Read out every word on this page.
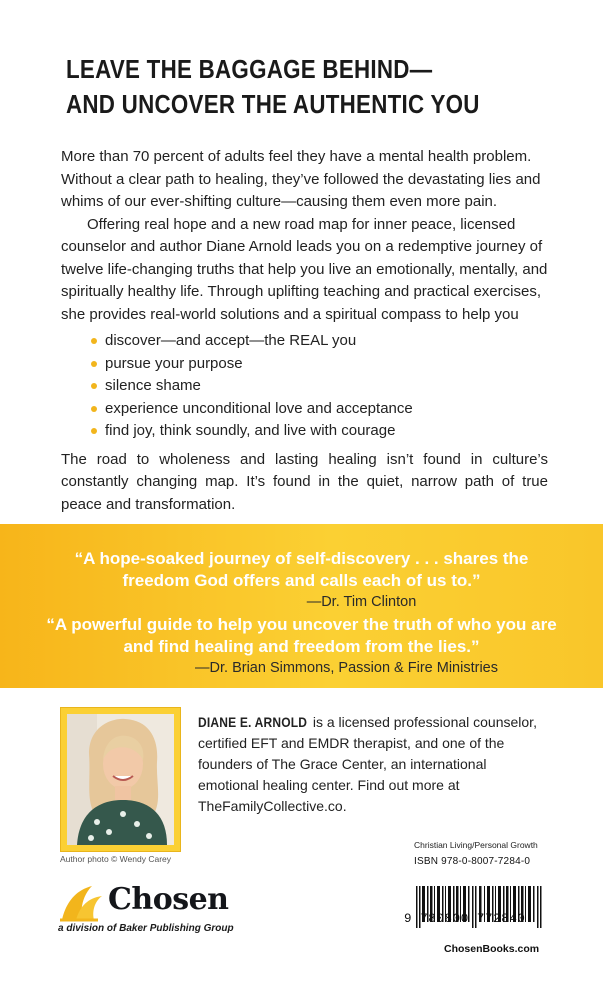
LEAVE THE BAGGAGE BEHIND—
AND UNCOVER THE AUTHENTIC YOU

More than 70 percent of adults feel they have a mental health problem. Without a clear path to healing, they’ve followed the devastating lies and whims of our ever-shifting culture—causing them even more pain.

Offering real hope and a new road map for inner peace, licensed counselor and author Diane Arnold leads you on a redemptive journey of twelve life-changing truths that help you live an emotionally, mentally, and spiritually healthy life. Through uplifting teaching and practical exercises, she provides real-world solutions and a spiritual compass to help you

discover—and accept—the REAL you
pursue your purpose
silence shame
experience unconditional love and acceptance
find joy, think soundly, and live with courage

The road to wholeness and lasting healing isn’t found in culture’s constantly changing map. It’s found in the quiet, narrow path of true peace and transformation.

“A hope-soaked journey of self-discovery . . . shares the freedom God offers and calls each of us to.”

—Dr. Tim Clinton

“A powerful guide to help you uncover the truth of who you are and find healing and freedom from the lies.”

—Dr. Brian Simmons, Passion & Fire Ministries
Author photo © Wendy Carey
DIANE E. ARNOLD is a licensed professional counselor, certified EFT and EMDR therapist, and one of the founders of The Grace Center, an international emotional healing center. Find out more at TheFamilyCollective.co.
Chosen
a division of Baker Publishing Group
Christian Living/Personal Growth
ISBN 978-0-8007-7284-0
9 780800 772840
ChosenBooks.com
